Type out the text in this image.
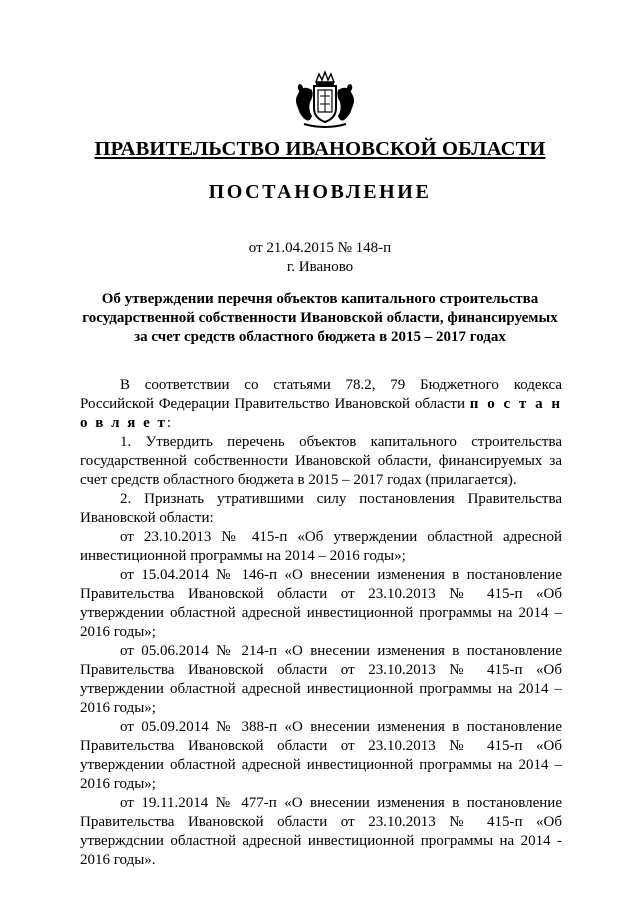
ПРАВИТЕЛЬСТВО ИВАНОВСКОЙ ОБЛАСТИ
ПОСТАНОВЛЕНИЕ
от 21.04.2015 № 148-п
г. Иваново
Об утверждении перечня объектов капитального строительства
государственной собственности Ивановской области, финансируемых
за счет средств областного бюджета в 2015 – 2017 годах

В соответствии со статьями 78.2, 79 Бюджетного кодекса Российской Федерации Правительство Ивановской области п о с т а н о в л я е т:

1. Утвердить перечень объектов капитального строительства государственной собственности Ивановской области, финансируемых за счет средств областного бюджета в 2015 – 2017 годах (прилагается).

2. Признать утратившими силу постановления Правительства Ивановской области:

от 23.10.2013 № 415-п «Об утверждении областной адресной инвестиционной программы на 2014 – 2016 годы»;

от 15.04.2014 № 146-п «О внесении изменения в постановление Правительства Ивановской области от 23.10.2013 № 415-п «Об утверждении областной адресной инвестиционной программы на 2014 – 2016 годы»;

от 05.06.2014 № 214-п «О внесении изменения в постановление Правительства Ивановской области от 23.10.2013 № 415-п «Об утверждении областной адресной инвестиционной программы на 2014 – 2016 годы»;

от 05.09.2014 № 388-п «О внесении изменения в постановление Правительства Ивановской области от 23.10.2013 № 415-п «Об утверждении областной адресной инвестиционной программы на 2014 – 2016 годы»;

от 19.11.2014 № 477-п «О внесении изменения в постановление Правительства Ивановской области от 23.10.2013 № 415-п «Об утверждснии областной адресной инвестиционной программы на 2014 - 2016 годы».
